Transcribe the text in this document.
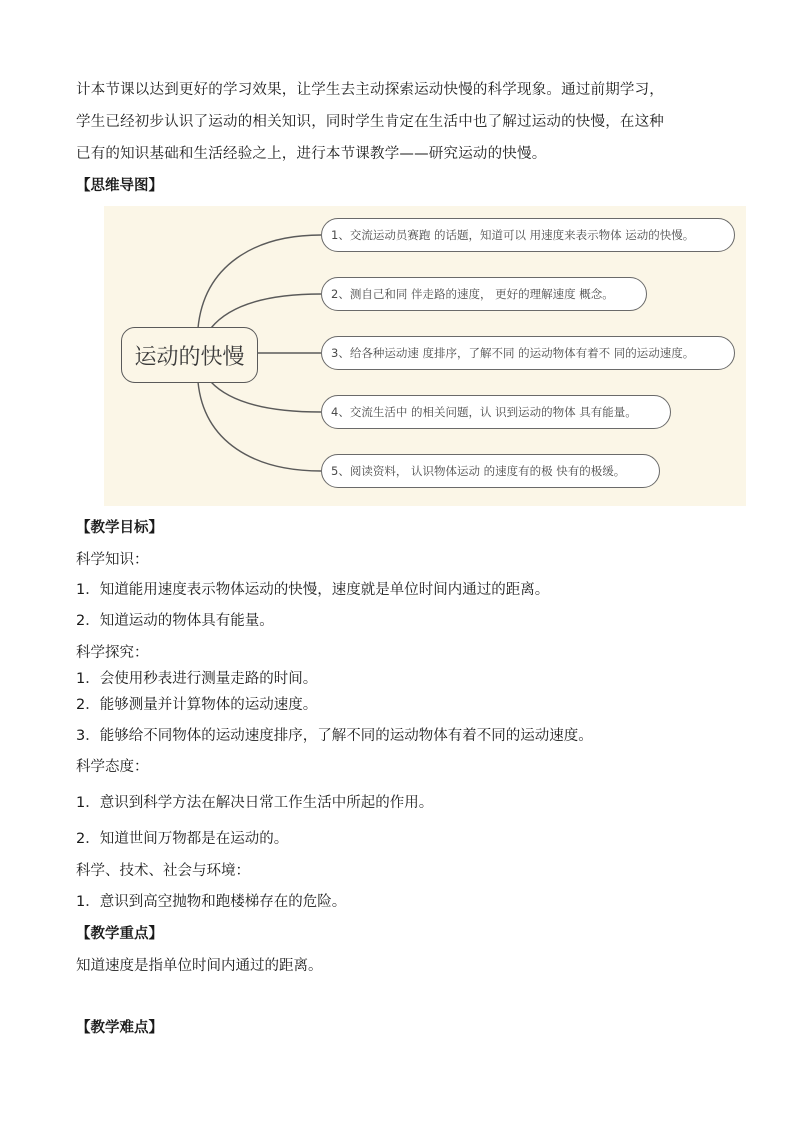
计本节课以达到更好的学习效果，让学生去主动探索运动快慢的科学现象。通过前期学习，
学生已经初步认识了运动的相关知识，同时学生肯定在生活中也了解过运动的快慢，在这种
已有的知识基础和生活经验之上，进行本节课教学——研究运动的快慢。
【思维导图】
运动的快慢
1、交流运动员赛跑 的话题，知道可以 用速度来表示物体 运动的快慢。
2、测自己和同 伴走路的速度， 更好的理解速度 概念。
3、给各种运动速 度排序，了解不同 的运动物体有着不 同的运动速度。
4、交流生活中 的相关问题，认 识到运动的物体 具有能量。
5、阅读资料， 认识物体运动 的速度有的极 快有的极缓。
【教学目标】
科学知识：
1．知道能用速度表示物体运动的快慢，速度就是单位时间内通过的距离。
2．知道运动的物体具有能量。
科学探究：
1．会使用秒表进行测量走路的时间。
2．能够测量并计算物体的运动速度。
3．能够给不同物体的运动速度排序，了解不同的运动物体有着不同的运动速度。
科学态度：
1．意识到科学方法在解决日常工作生活中所起的作用。
2．知道世间万物都是在运动的。
科学、技术、社会与环境：
1．意识到高空抛物和跑楼梯存在的危险。
【教学重点】
知道速度是指单位时间内通过的距离。
【教学难点】
